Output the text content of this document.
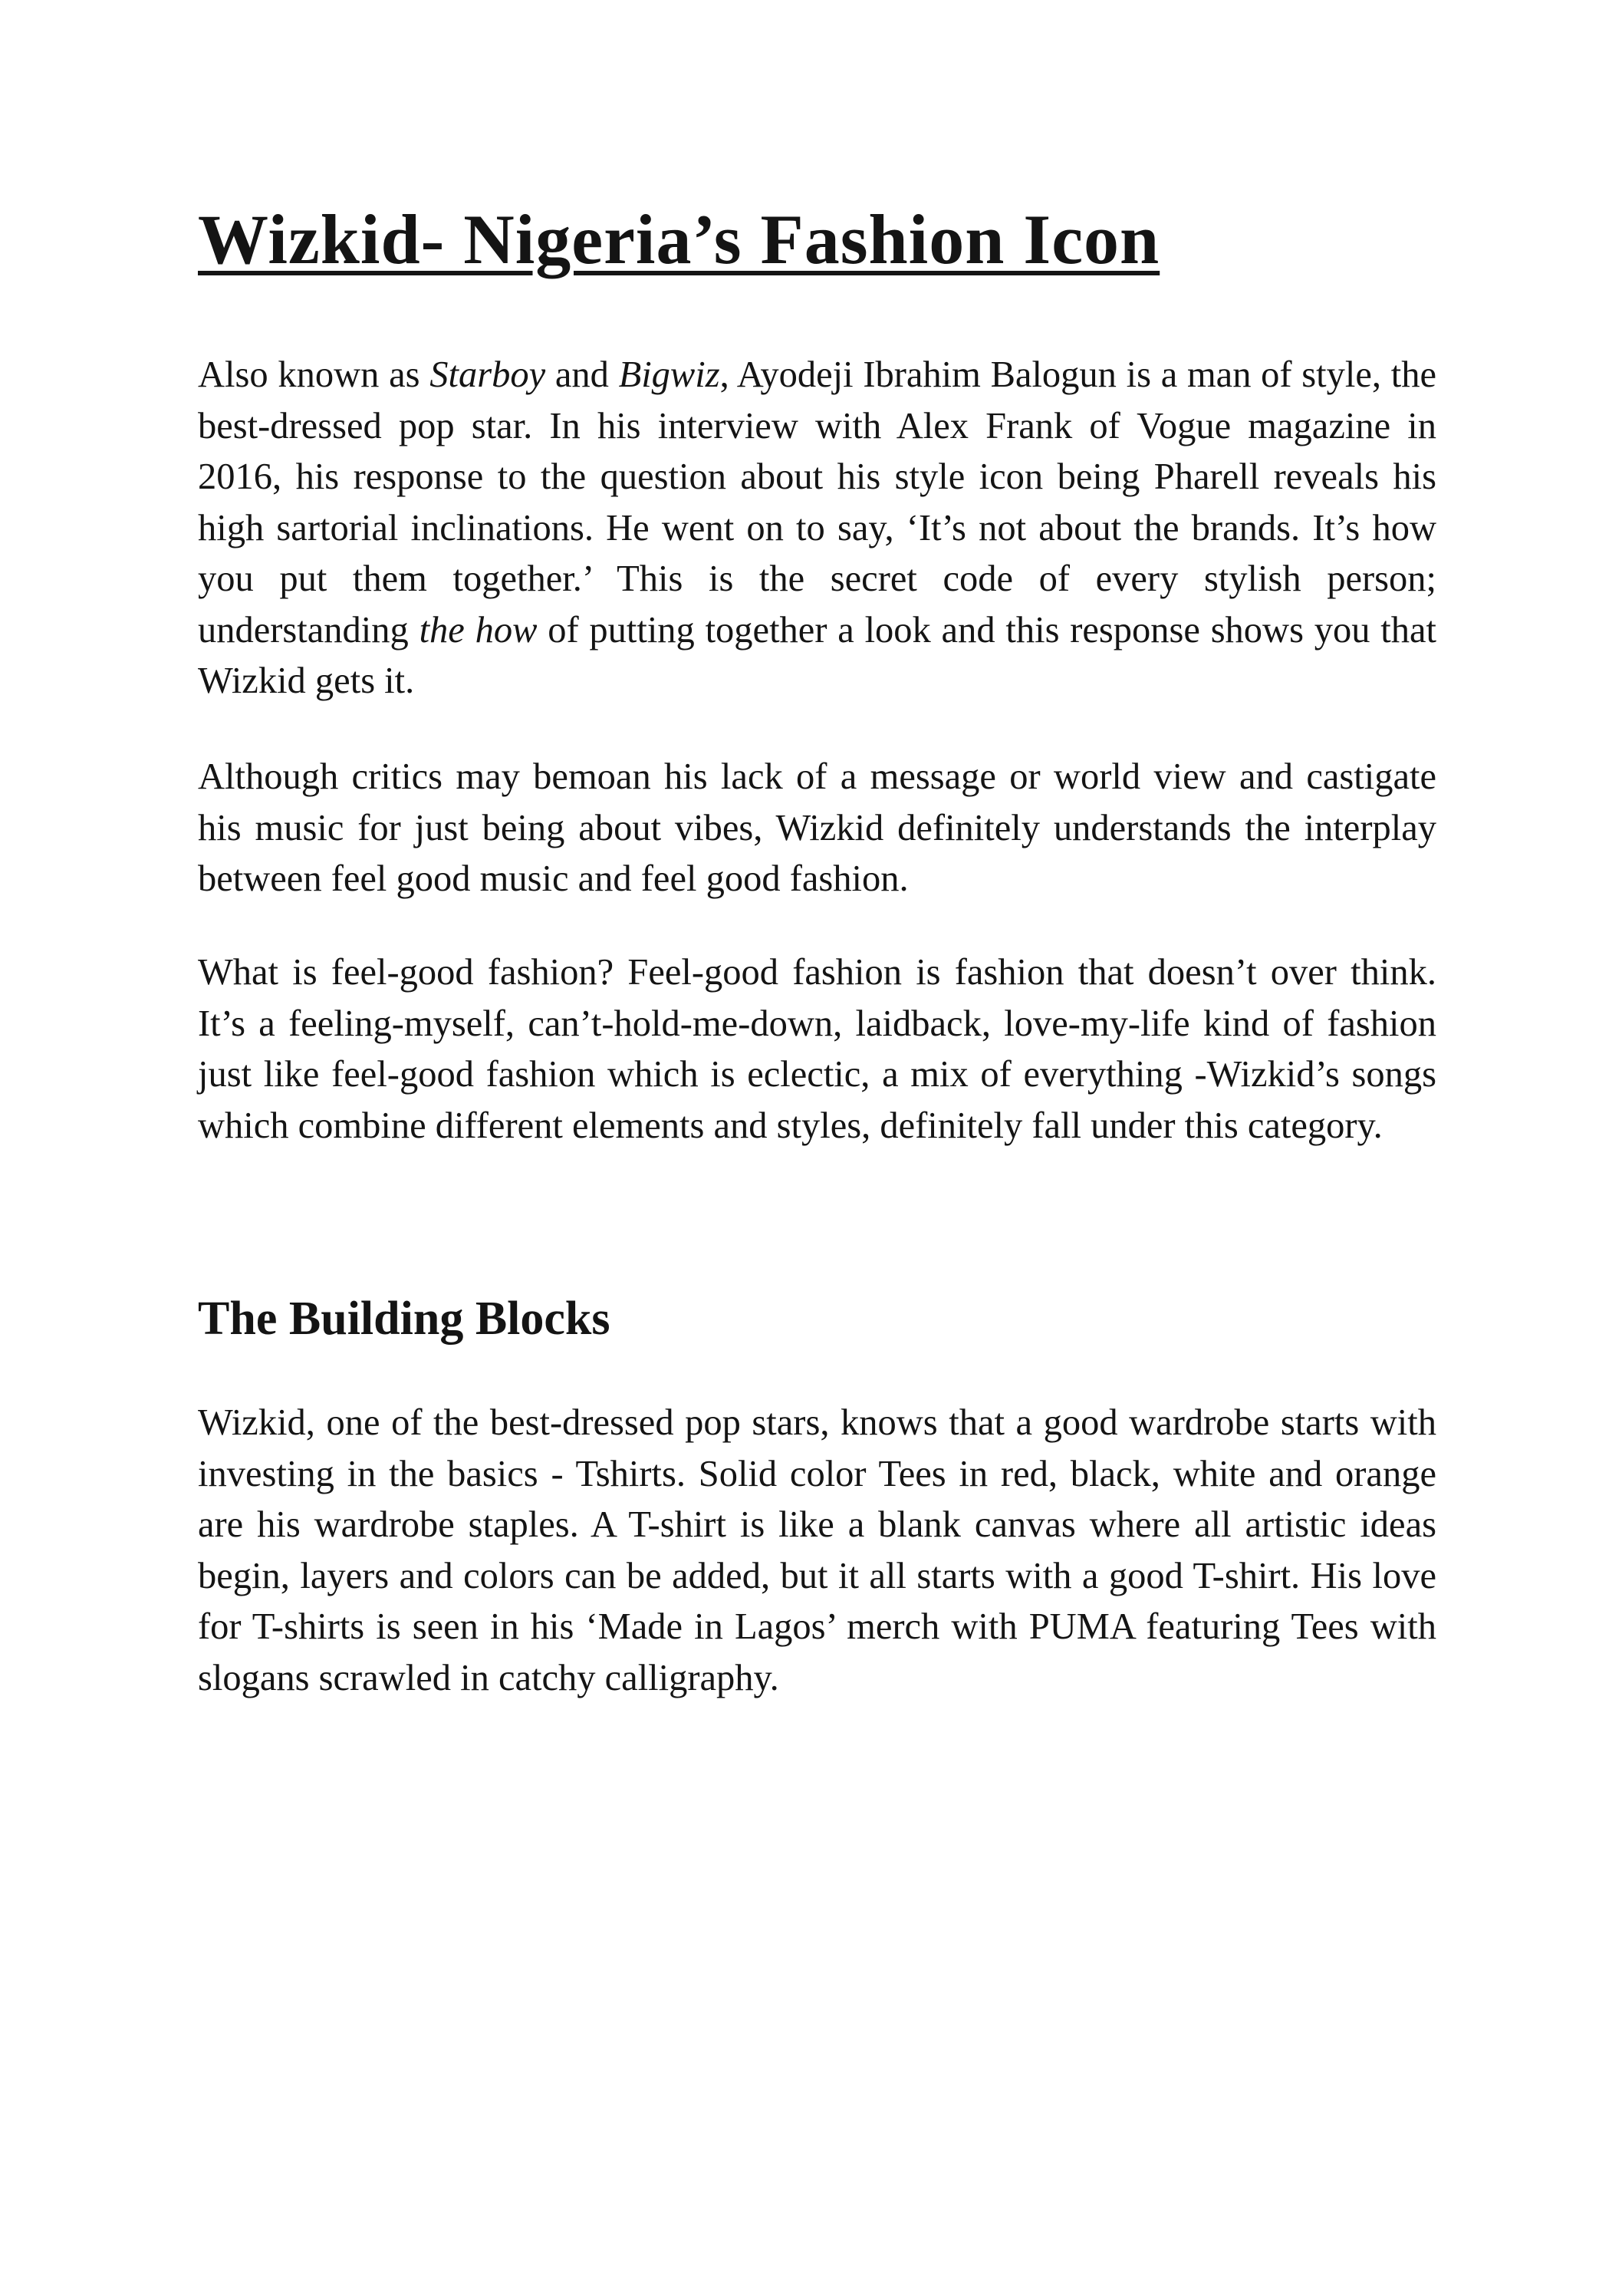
Wizkid- Nigeria’s Fashion Icon

Also known as Starboy and Bigwiz, Ayodeji Ibrahim Balogun is a man of style, the best-dressed pop star. In his interview with Alex Frank of Vogue magazine in 2016, his response to the question about his style icon being Pharell reveals his high sartorial inclinations. He went on to say, ‘It’s not about the brands. It’s how you put them together.’ This is the secret code of every stylish person; understanding the how of putting together a look and this response shows you that Wizkid gets it.

Although critics may bemoan his lack of a message or world view and castigate his music for just being about vibes, Wizkid definitely understands the interplay between feel good music and feel good fashion.

What is feel-good fashion? Feel-good fashion is fashion that doesn’t over think. It’s a feeling-myself, can’t-hold-me-down, laidback, love-my-life kind of fashion just like feel-good fashion which is eclectic, a mix of everything -Wizkid’s songs which combine different elements and styles, definitely fall under this category.

The Building Blocks

Wizkid, one of the best-dressed pop stars, knows that a good wardrobe starts with investing in the basics - Tshirts. Solid color Tees in red, black, white and orange are his wardrobe staples. A T-shirt is like a blank canvas where all artistic ideas begin, layers and colors can be added, but it all starts with a good T-shirt. His love for T-shirts is seen in his ‘Made in Lagos’ merch with PUMA featuring Tees with slogans scrawled in catchy calligraphy.
